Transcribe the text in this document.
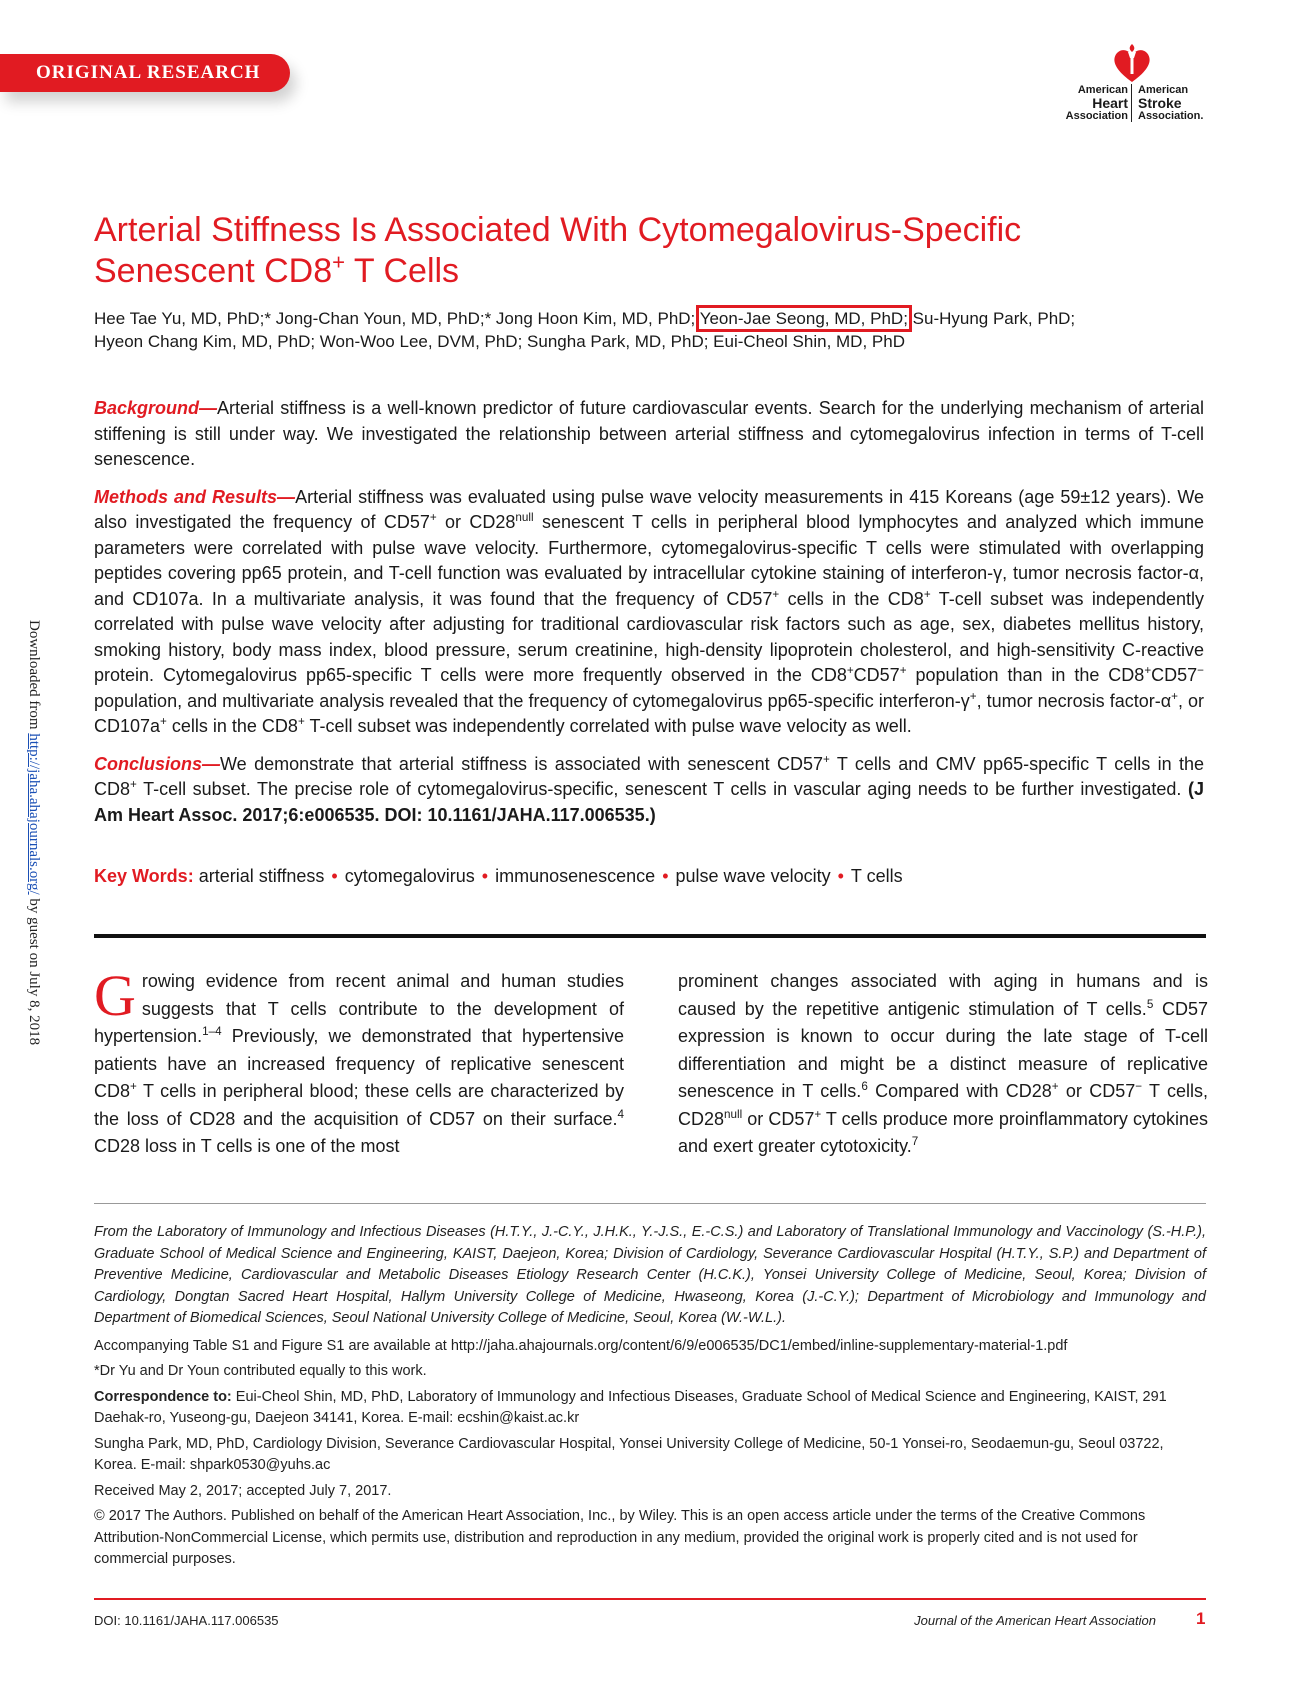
ORIGINAL RESEARCH
American
Heart
Association
American
Stroke
Association.
Downloaded from http://jaha.ahajournals.org/ by guest on July 8, 2018
Arterial Stiffness Is Associated With Cytomegalovirus-Specific
Senescent CD8+ T Cells
Hee Tae Yu, MD, PhD;* Jong-Chan Youn, MD, PhD;* Jong Hoon Kim, MD, PhD; Yeon-Jae Seong, MD, PhD; Su-Hyung Park, PhD;
Hyeon Chang Kim, MD, PhD; Won-Woo Lee, DVM, PhD; Sungha Park, MD, PhD; Eui-Cheol Shin, MD, PhD

Background—Arterial stiffness is a well-known predictor of future cardiovascular events. Search for the underlying mechanism of arterial stiffening is still under way. We investigated the relationship between arterial stiffness and cytomegalovirus infection in terms of T-cell senescence.

Methods and Results—Arterial stiffness was evaluated using pulse wave velocity measurements in 415 Koreans (age 59±12 years). We also investigated the frequency of CD57+ or $CD28^{null}$ senescent T cells in peripheral blood lymphocytes and analyzed which immune parameters were correlated with pulse wave velocity. Furthermore, cytomegalovirus-specific T cells were stimulated with overlapping peptides covering pp65 protein, and T-cell function was evaluated by intracellular cytokine staining of interferon-γ, tumor necrosis factor-α, and CD107a. In a multivariate analysis, it was found that the frequency of CD57+ cells in the CD8+ T-cell subset was independently correlated with pulse wave velocity after adjusting for traditional cardiovascular risk factors such as age, sex, diabetes mellitus history, smoking history, body mass index, blood pressure, serum creatinine, high-density lipoprotein cholesterol, and high-sensitivity C-reactive protein. Cytomegalovirus pp65-specific T cells were more frequently observed in the CD8+CD57+ population than in the CD8+CD57− population, and multivariate analysis revealed that the frequency of cytomegalovirus pp65-specific interferon-γ+, tumor necrosis factor-α+, or CD107a+ cells in the CD8+ T-cell subset was independently correlated with pulse wave velocity as well.

Conclusions—We demonstrate that arterial stiffness is associated with senescent CD57+ T cells and CMV pp65-specific T cells in the CD8+ T-cell subset. The precise role of cytomegalovirus-specific, senescent T cells in vascular aging needs to be further investigated. (J Am Heart Assoc. 2017;6:e006535. DOI: 10.1161/JAHA.117.006535.)

Key Words: arterial stiffness • cytomegalovirus • immunosenescence • pulse wave velocity • T cells
Growing evidence from recent animal and human studies suggests that T cells contribute to the development of hypertension.$^{1-4}$ Previously, we demonstrated that hypertensive patients have an increased frequency of replicative senescent CD8+ T cells in peripheral blood; these cells are characterized by the loss of CD28 and the acquisition of CD57 on their surface.$^4$ CD28 loss in T cells is one of the most
prominent changes associated with aging in humans and is caused by the repetitive antigenic stimulation of T cells.$^5$ CD57 expression is known to occur during the late stage of T-cell differentiation and might be a distinct measure of replicative senescence in T cells.$^6$ Compared with CD28+ or CD57− T cells, $CD28^{null}$ or CD57+ T cells produce more proinflammatory cytokines and exert greater cytotoxicity.$^7$

From the Laboratory of Immunology and Infectious Diseases (H.T.Y., J.-C.Y., J.H.K., Y.-J.S., E.-C.S.) and Laboratory of Translational Immunology and Vaccinology (S.-H.P.), Graduate School of Medical Science and Engineering, KAIST, Daejeon, Korea; Division of Cardiology, Severance Cardiovascular Hospital (H.T.Y., S.P.) and Department of Preventive Medicine, Cardiovascular and Metabolic Diseases Etiology Research Center (H.C.K.), Yonsei University College of Medicine, Seoul, Korea; Division of Cardiology, Dongtan Sacred Heart Hospital, Hallym University College of Medicine, Hwaseong, Korea (J.-C.Y.); Department of Microbiology and Immunology and Department of Biomedical Sciences, Seoul National University College of Medicine, Seoul, Korea (W.-W.L.).

Accompanying Table S1 and Figure S1 are available at http://jaha.ahajournals.org/content/6/9/e006535/DC1/embed/inline-supplementary-material-1.pdf

*Dr Yu and Dr Youn contributed equally to this work.

Correspondence to: Eui-Cheol Shin, MD, PhD, Laboratory of Immunology and Infectious Diseases, Graduate School of Medical Science and Engineering, KAIST, 291 Daehak-ro, Yuseong-gu, Daejeon 34141, Korea. E-mail: ecshin@kaist.ac.kr

Sungha Park, MD, PhD, Cardiology Division, Severance Cardiovascular Hospital, Yonsei University College of Medicine, 50-1 Yonsei-ro, Seodaemun-gu, Seoul 03722, Korea. E-mail: shpark0530@yuhs.ac

Received May 2, 2017; accepted July 7, 2017.

© 2017 The Authors. Published on behalf of the American Heart Association, Inc., by Wiley. This is an open access article under the terms of the Creative Commons Attribution-NonCommercial License, which permits use, distribution and reproduction in any medium, provided the original work is properly cited and is not used for commercial purposes.

DOI: 10.1161/JAHA.117.006535	Journal of the American Heart Association 1
